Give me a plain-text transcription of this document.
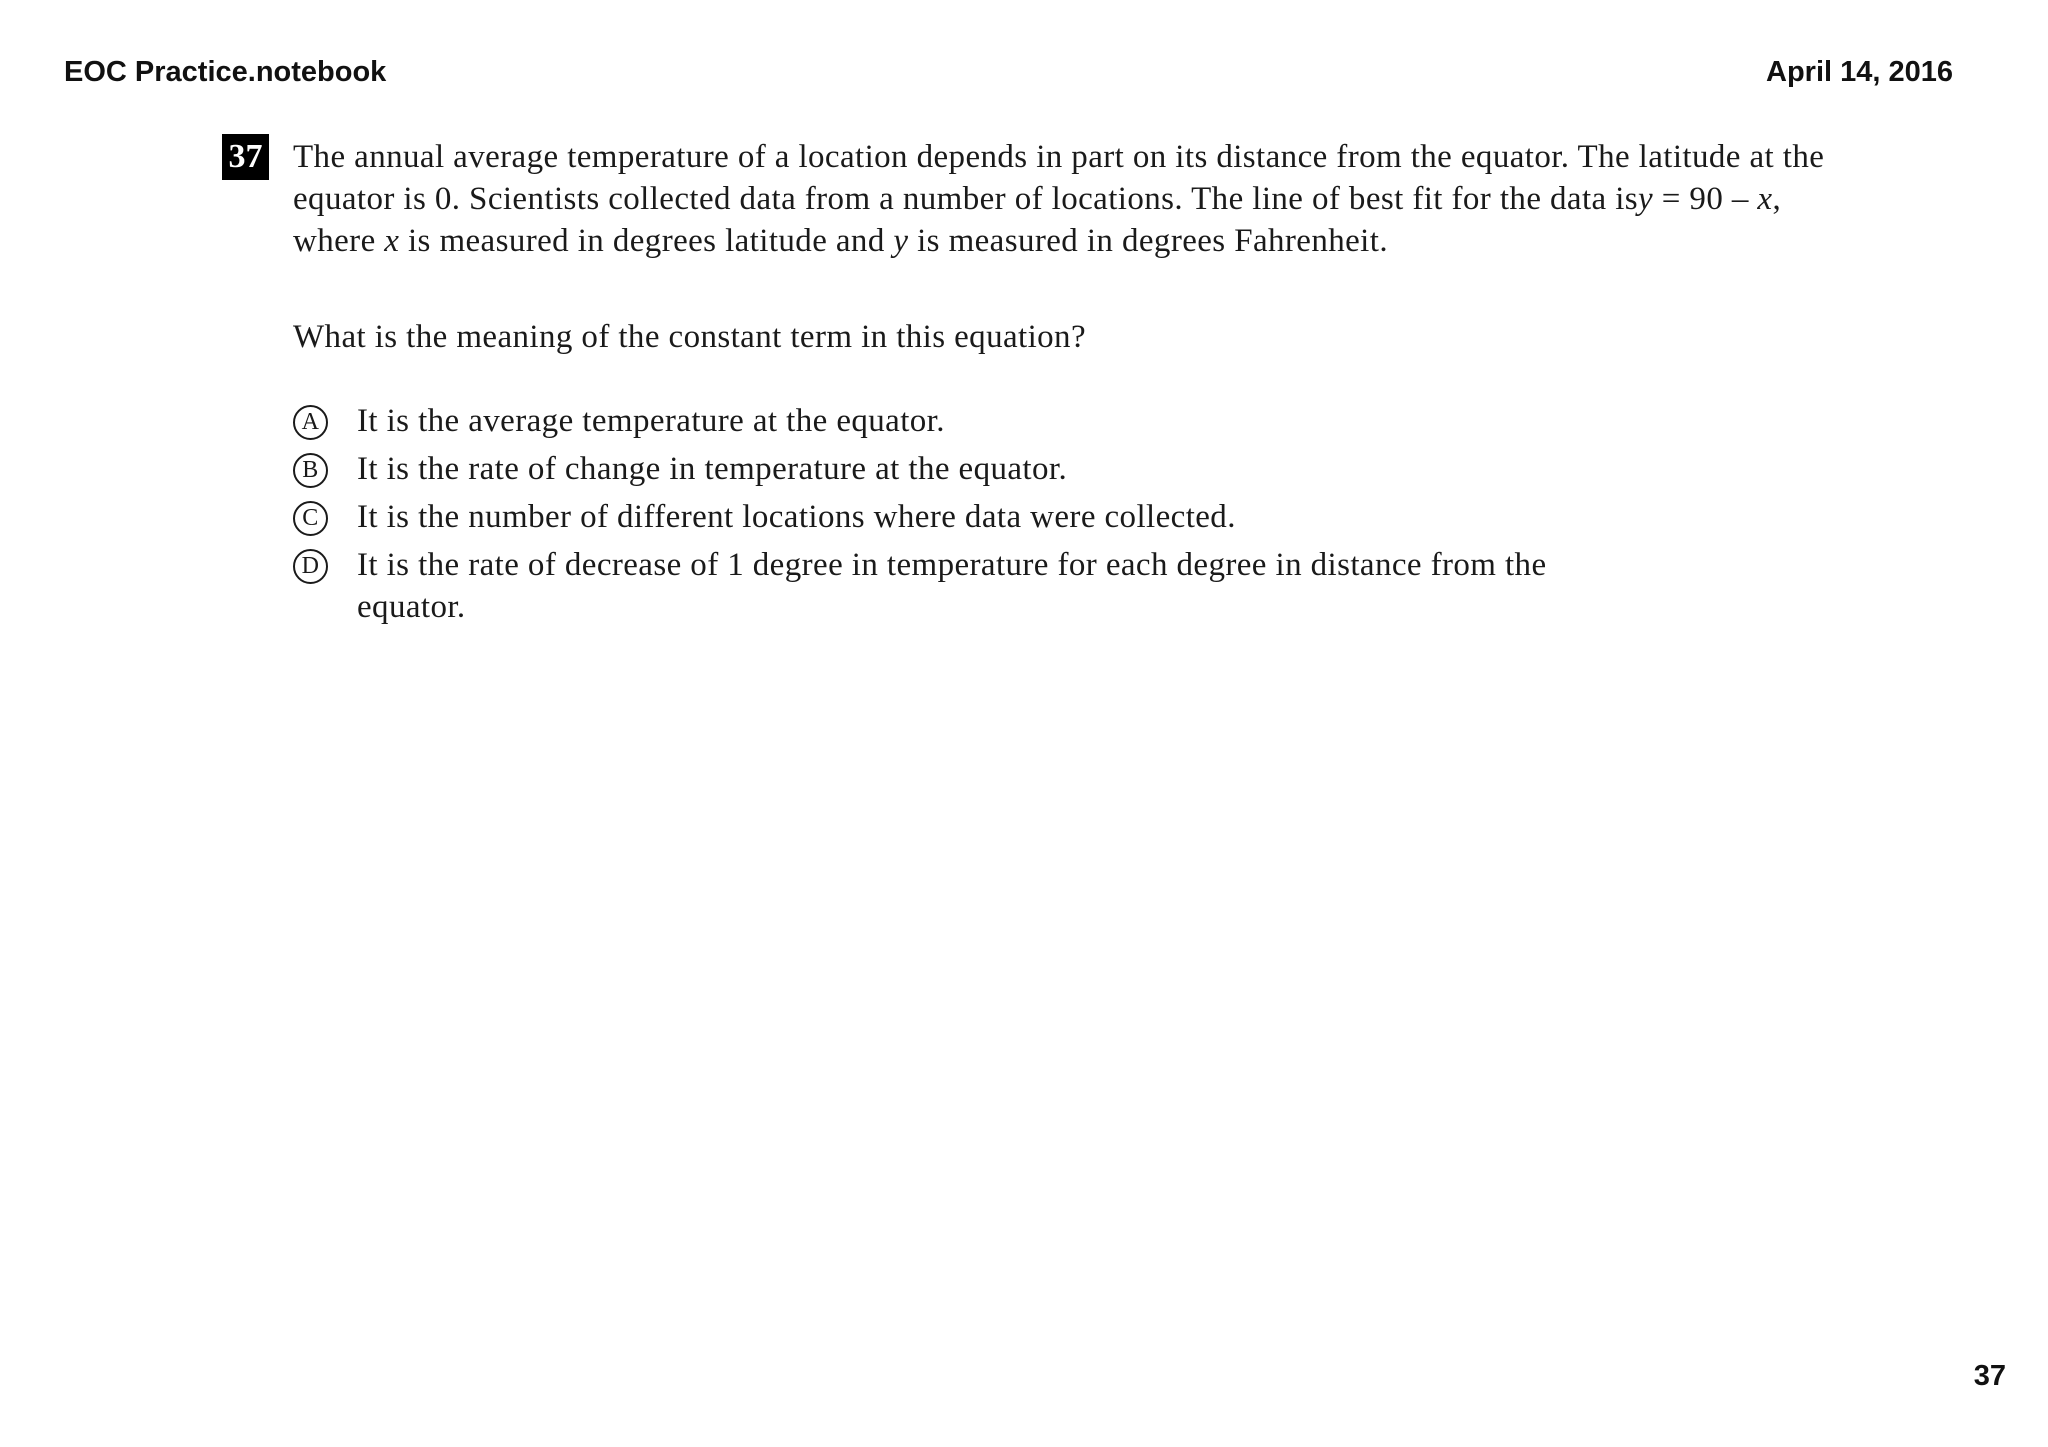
EOC Practice.notebook	April 14, 2016
37 The annual average temperature of a location depends in part on its distance from the equator. The latitude at the equator is 0. Scientists collected data from a number of locations. The line of best fit for the data isy = 90 – x, where x is measured in degrees latitude and y is measured in degrees Fahrenheit.

What is the meaning of the constant term in this equation?

A It is the average temperature at the equator.
B It is the rate of change in temperature at the equator.
C It is the number of different locations where data were collected.
D It is the rate of decrease of 1 degree in temperature for each degree in distance from the equator.
37
